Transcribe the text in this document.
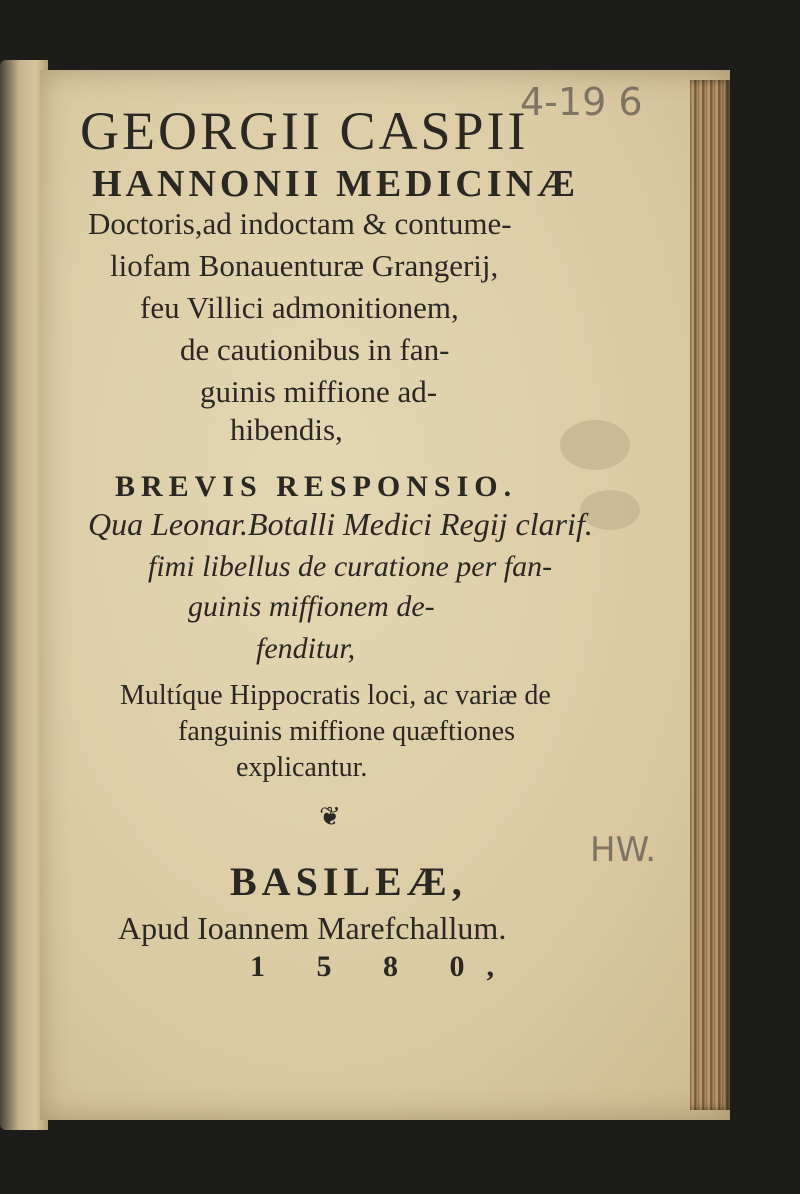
4-19 6
HW.
GEORGII CASPII
HANNONII MEDICINÆ
Doctoris,ad indoctam & contume-
liofam Bonauenturæ Grangerij,
feu Villici admonitionem,
de cautionibus in fan-
guinis miffione ad-
hibendis,
BREVIS RESPONSIO.
Qua Leonar.Botalli Medici Regij clarif.
fimi libellus de curatione per fan-
guinis miffionem de-
fenditur,
Multíque Hippocratis loci, ac variæ de
fanguinis miffione quæftiones
explicantur.
❦
BASILEÆ,
Apud Ioannem Marefchallum.
1 5 8 0,
